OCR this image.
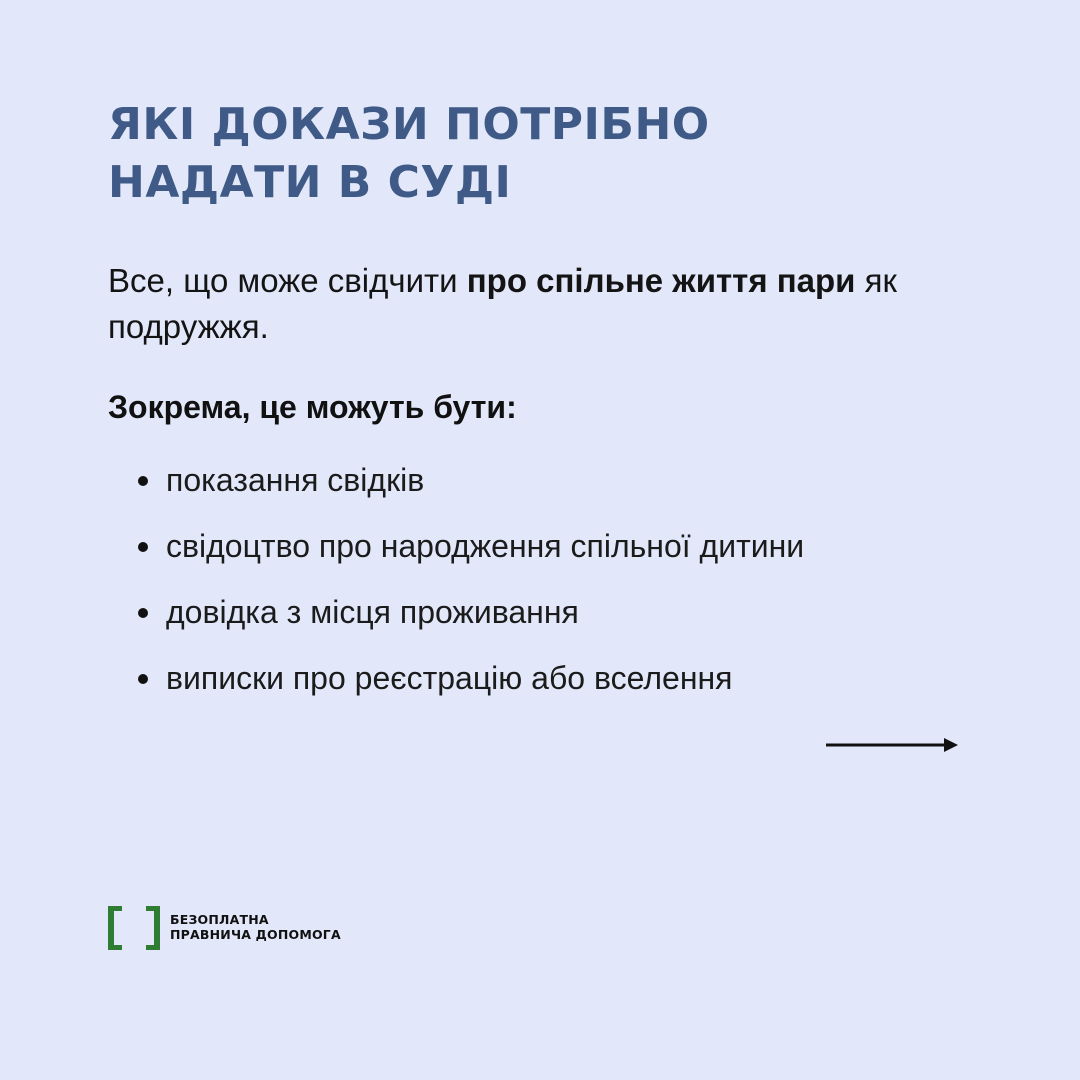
ЯКІ ДОКАЗИ ПОТРІБНО
НАДАТИ В СУДІ

Все, що може свідчити про спільне життя пари як подружжя.

Зокрема, це можуть бути:

показання свідків
свідоцтво про народження спільної дитини
довідка з місця проживання
виписки про реєстрацію або вселення
БЕЗОПЛАТНА
ПРАВНИЧА ДОПОМОГА
